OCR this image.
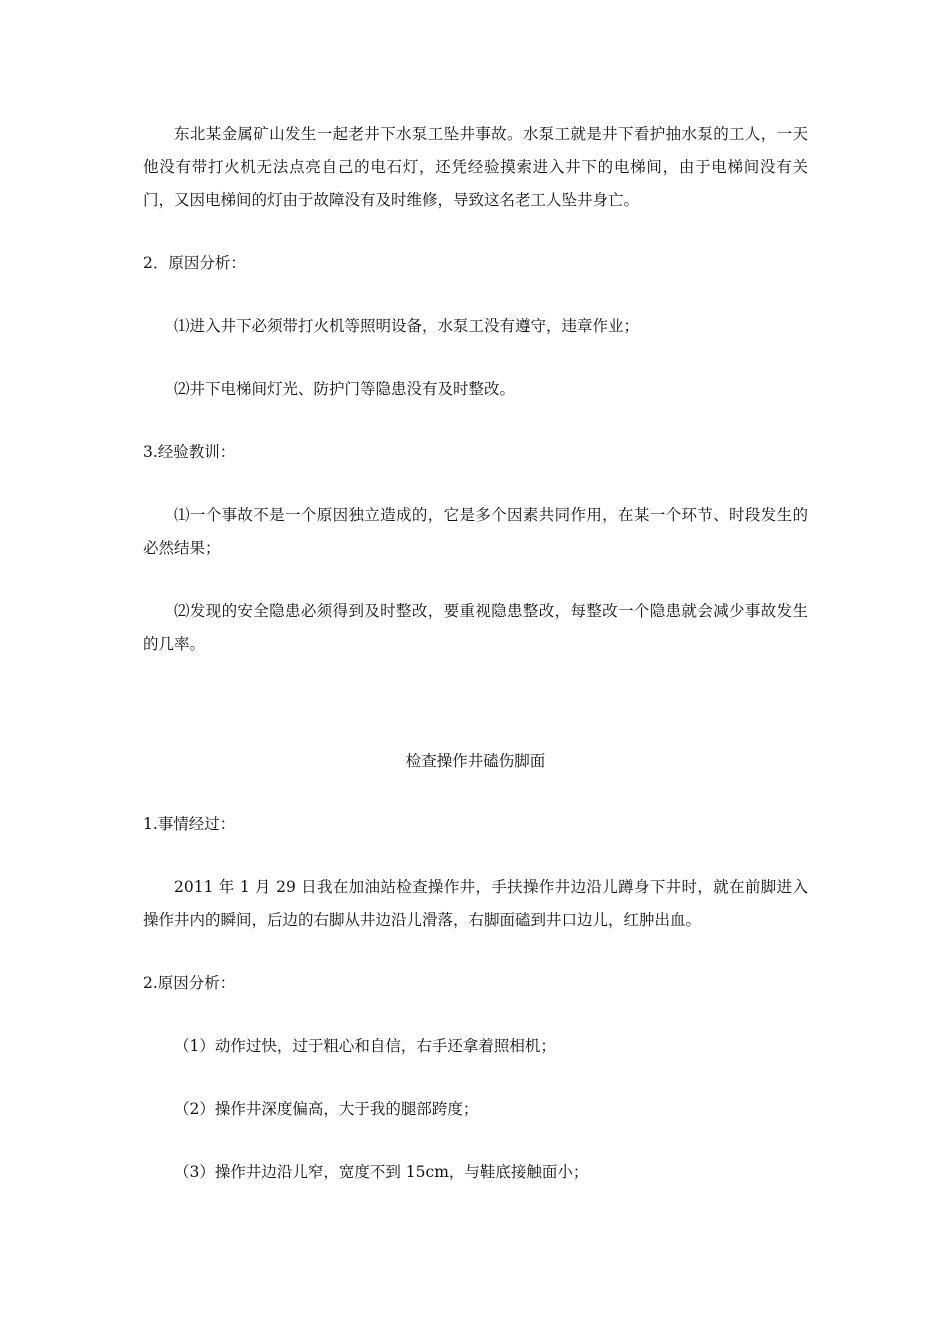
东北某金属矿山发生一起老井下水泵工坠井事故。水泵工就是井下看护抽水泵的工人，一天他没有带打火机无法点亮自己的电石灯，还凭经验摸索进入井下的电梯间，由于电梯间没有关门，又因电梯间的灯由于故障没有及时维修，导致这名老工人坠井身亡。

2．原因分析：

⑴进入井下必须带打火机等照明设备，水泵工没有遵守，违章作业；

⑵井下电梯间灯光、防护门等隐患没有及时整改。

3.经验教训：

⑴一个事故不是一个原因独立造成的，它是多个因素共同作用，在某一个环节、时段发生的必然结果；

⑵发现的安全隐患必须得到及时整改，要重视隐患整改，每整改一个隐患就会减少事故发生的几率。

检查操作井磕伤脚面

1.事情经过：

2011 年 1 月 29 日我在加油站检查操作井，手扶操作井边沿儿蹲身下井时，就在前脚进入操作井内的瞬间，后边的右脚从井边沿儿滑落，右脚面磕到井口边儿，红肿出血。

2.原因分析：

（1）动作过快，过于粗心和自信，右手还拿着照相机；

（2）操作井深度偏高，大于我的腿部跨度；

（3）操作井边沿儿窄，宽度不到 15cm，与鞋底接触面小；
